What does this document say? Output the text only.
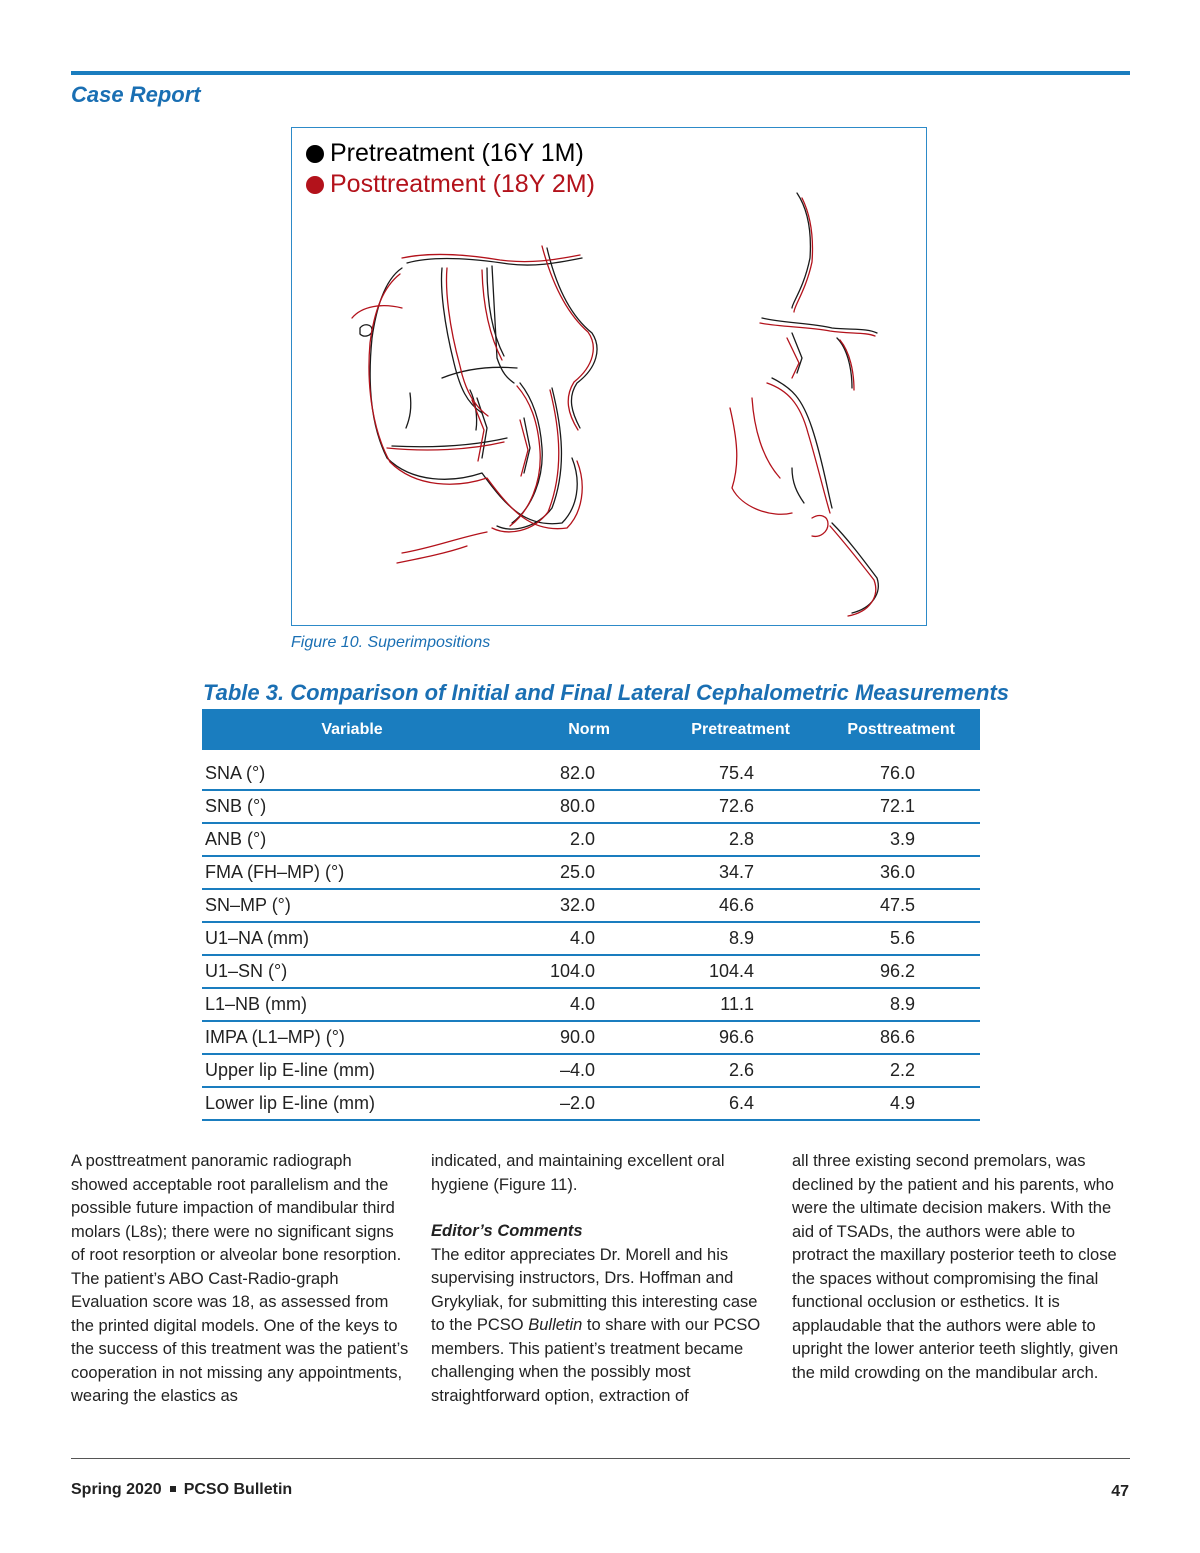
Case Report
Pretreatment (16Y 1M)
Posttreatment (18Y 2M)

Figure 10. Superimpositions

Table 3. Comparison of Initial and Final Lateral Cephalometric Measurements
Variable	Norm	Pretreatment	Posttreatment

SNA (°)	82.0	75.4	76.0
SNB (°)	80.0	72.6	72.1
ANB (°)	2.0	2.8	3.9
FMA (FH–MP) (°)	25.0	34.7	36.0
SN–MP (°)	32.0	46.6	47.5
U1–NA (mm)	4.0	8.9	5.6
U1–SN (°)	104.0	104.4	96.2
L1–NB (mm)	4.0	11.1	8.9
IMPA (L1–MP) (°)	90.0	96.6	86.6
Upper lip E-line (mm)	–4.0	2.6	2.2
Lower lip E-line (mm)	–2.0	6.4	4.9

A posttreatment panoramic radiograph showed acceptable root parallelism and the possible future impaction of mandibular third molars (L8s); there were no significant signs of root resorption or alveolar bone resorption. The patient’s ABO Cast-Radio-graph Evaluation score was 18, as assessed from the printed digital models. One of the keys to the success of this treatment was the patient’s cooperation in not missing any appointments, wearing the elastics as

indicated, and maintaining excellent oral hygiene (Figure 11).

Editor’s Comments

The editor appreciates Dr. Morell and his supervising instructors, Drs. Hoffman and Grykyliak, for submitting this interesting case to the PCSO Bulletin to share with our PCSO members. This patient’s treatment became challenging when the possibly most straightforward option, extraction of

all three existing second premolars, was declined by the patient and his parents, who were the ultimate decision makers. With the aid of TSADs, the authors were able to protract the maxillary posterior teeth to close the spaces without compromising the final functional occlusion or esthetics. It is applaudable that the authors were able to upright the lower anterior teeth slightly, given the mild crowding on the mandibular arch.

Spring 2020 PCSO Bulletin	47
